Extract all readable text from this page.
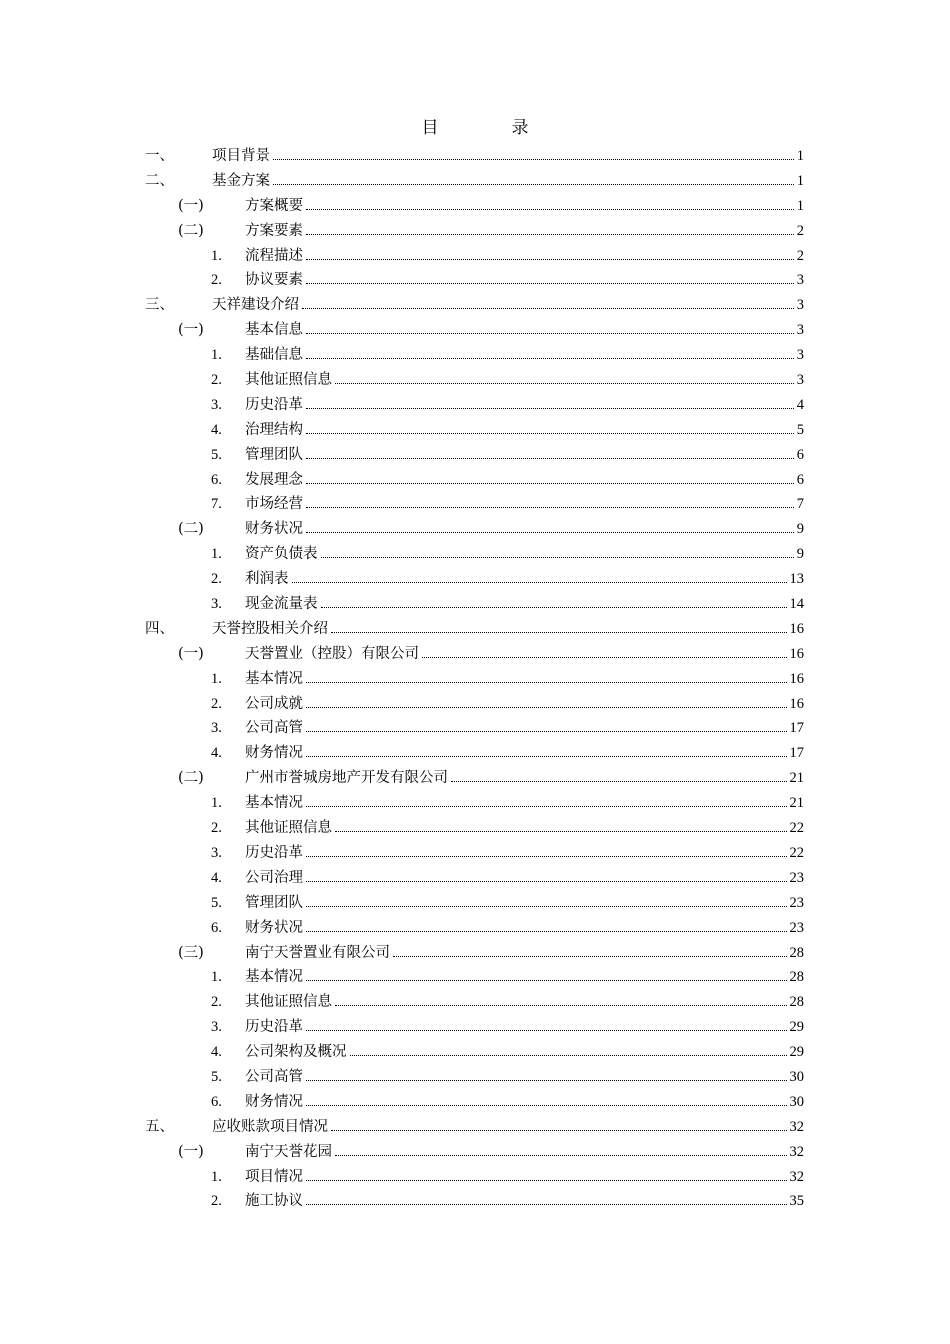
目　录
一、	项目背景	1
二、	基金方案	1
(一)	方案概要	1
(二)	方案要素	2
1. 流程描述	2
2. 协议要素	3
三、	天祥建设介绍	3
(一)	基本信息	3
1. 基础信息	3
2. 其他证照信息	3
3. 历史沿革	4
4. 治理结构	5
5. 管理团队	6
6. 发展理念	6
7. 市场经营	7
(二)	财务状况	9
1. 资产负债表	9
2. 利润表	13
3. 现金流量表	14
四、	天誉控股相关介绍	16
(一)	天誉置业（控股）有限公司	16
1. 基本情况	16
2. 公司成就	16
3. 公司高管	17
4. 财务情况	17
(二)	广州市誉城房地产开发有限公司	21
1. 基本情况	21
2. 其他证照信息	22
3. 历史沿革	22
4. 公司治理	23
5. 管理团队	23
6. 财务状况	23
(三)	南宁天誉置业有限公司	28
1. 基本情况	28
2. 其他证照信息	28
3. 历史沿革	29
4. 公司架构及概况	29
5. 公司高管	30
6. 财务情况	30
五、	应收账款项目情况	32
(一)	南宁天誉花园	32
1. 项目情况	32
2. 施工协议	35
